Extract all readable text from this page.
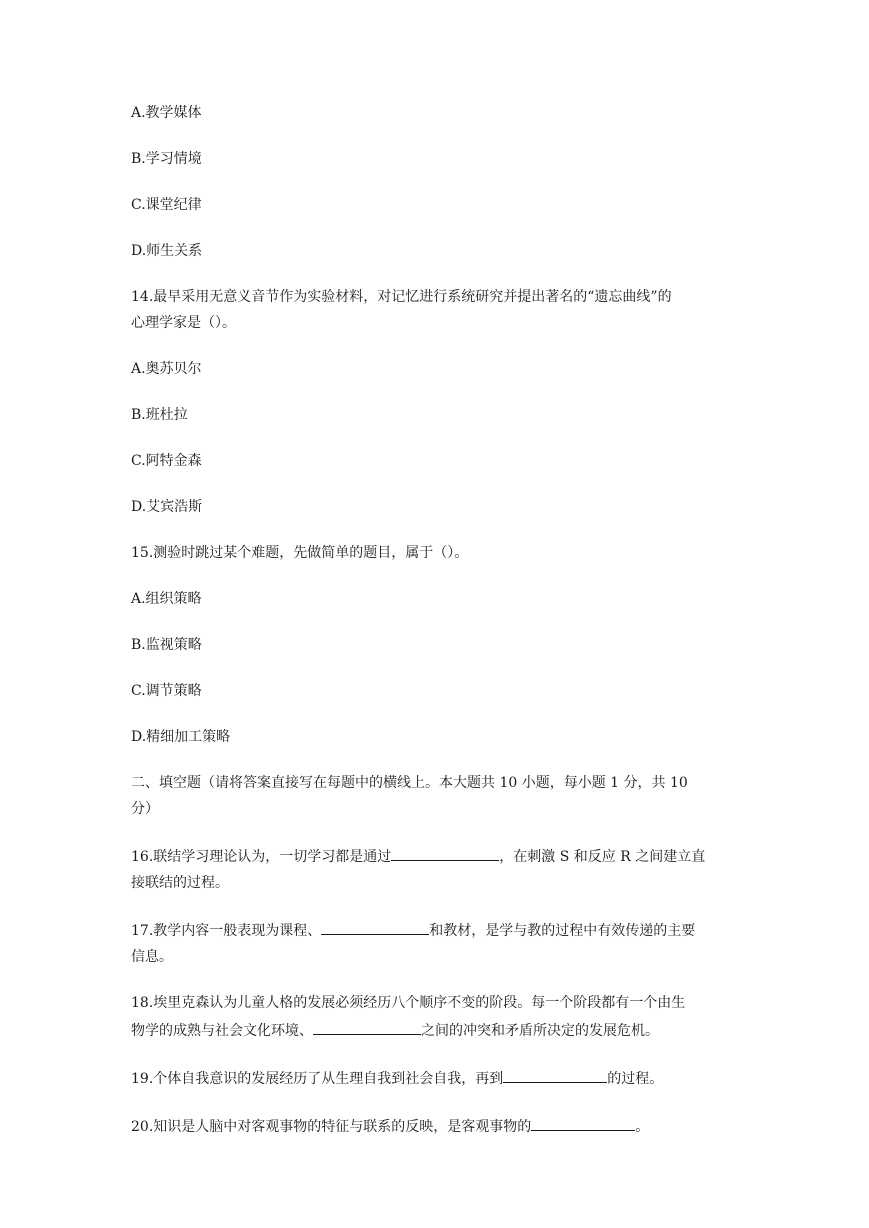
A.教学媒体

B.学习情境

C.课堂纪律

D.师生关系

14.最早采用无意义音节作为实验材料，对记忆进行系统研究并提出著名的“遗忘曲线”的

心理学家是（）。

A.奥苏贝尔

B.班杜拉

C.阿特金森

D.艾宾浩斯

15.测验时跳过某个难题，先做简单的题目，属于（）。

A.组织策略

B.监视策略

C.调节策略

D.精细加工策略

二、填空题（请将答案直接写在每题中的横线上。本大题共 10 小题，每小题 1 分，共 10

分）

16.联结学习理论认为，一切学习都是通过	，在刺激 S 和反应 R 之间建立直

接联结的过程。

17.教学内容一般表现为课程、	和教材，是学与教的过程中有效传递的主要

信息。

18.埃里克森认为儿童人格的发展必须经历八个顺序不变的阶段。每一个阶段都有一个由生

物学的成熟与社会文化环境、	之间的冲突和矛盾所决定的发展危机。

19.个体自我意识的发展经历了从生理自我到社会自我，再到	的过程。

20.知识是人脑中对客观事物的特征与联系的反映，是客观事物的	。
